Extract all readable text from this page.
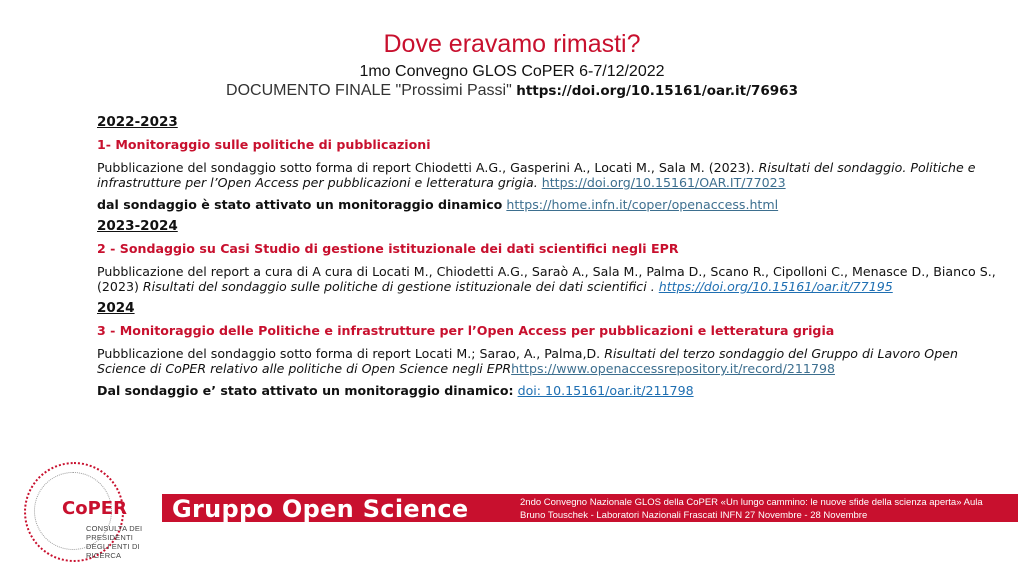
Dove eravamo rimasti?
1mo Convegno GLOS CoPER 6-7/12/2022
DOCUMENTO FINALE "Prossimi Passi" https://doi.org/10.15161/oar.it/76963
2022-2023
1- Monitoraggio sulle politiche di pubblicazioni
Pubblicazione del sondaggio sotto forma di report Chiodetti A.G., Gasperini A., Locati M., Sala M. (2023). Risultati del sondaggio. Politiche e infrastrutture per l’Open Access per pubblicazioni e letteratura grigia. https://doi.org/10.15161/OAR.IT/77023
dal sondaggio è stato attivato un monitoraggio dinamico https://home.infn.it/coper/openaccess.html
2023-2024
2 - Sondaggio su Casi Studio di gestione istituzionale dei dati scientifici negli EPR
Pubblicazione del report a cura di A cura di Locati M., Chiodetti A.G., Saraò A., Sala M., Palma D., Scano R., Cipolloni C., Menasce D., Bianco S., (2023) Risultati del sondaggio sulle politiche di gestione istituzionale dei dati scientifici . https://doi.org/10.15161/oar.it/77195
2024
3 - Monitoraggio delle Politiche e infrastrutture per l’Open Access per pubblicazioni e letteratura grigia
Pubblicazione del sondaggio sotto forma di report Locati M.; Sarao, A., Palma,D. Risultati del terzo sondaggio del Gruppo di Lavoro Open Science di CoPER relativo alle politiche di Open Science negli EPRhttps://www.openaccessrepository.it/record/211798
Dal sondaggio e’ stato attivato un monitoraggio dinamico: doi: 10.15161/oar.it/211798
CoPER
CONSULTA DEI PRESIDENTI
DEGLI ENTI DI RICERCA
Gruppo Open Science	2ndo Convegno Nazionale GLOS della CoPER «Un lungo cammino: le nuove sfide della scienza aperta» Aula Bruno Touschek - Laboratori Nazionali Frascati INFN 27 Novembre - 28 Novembre
